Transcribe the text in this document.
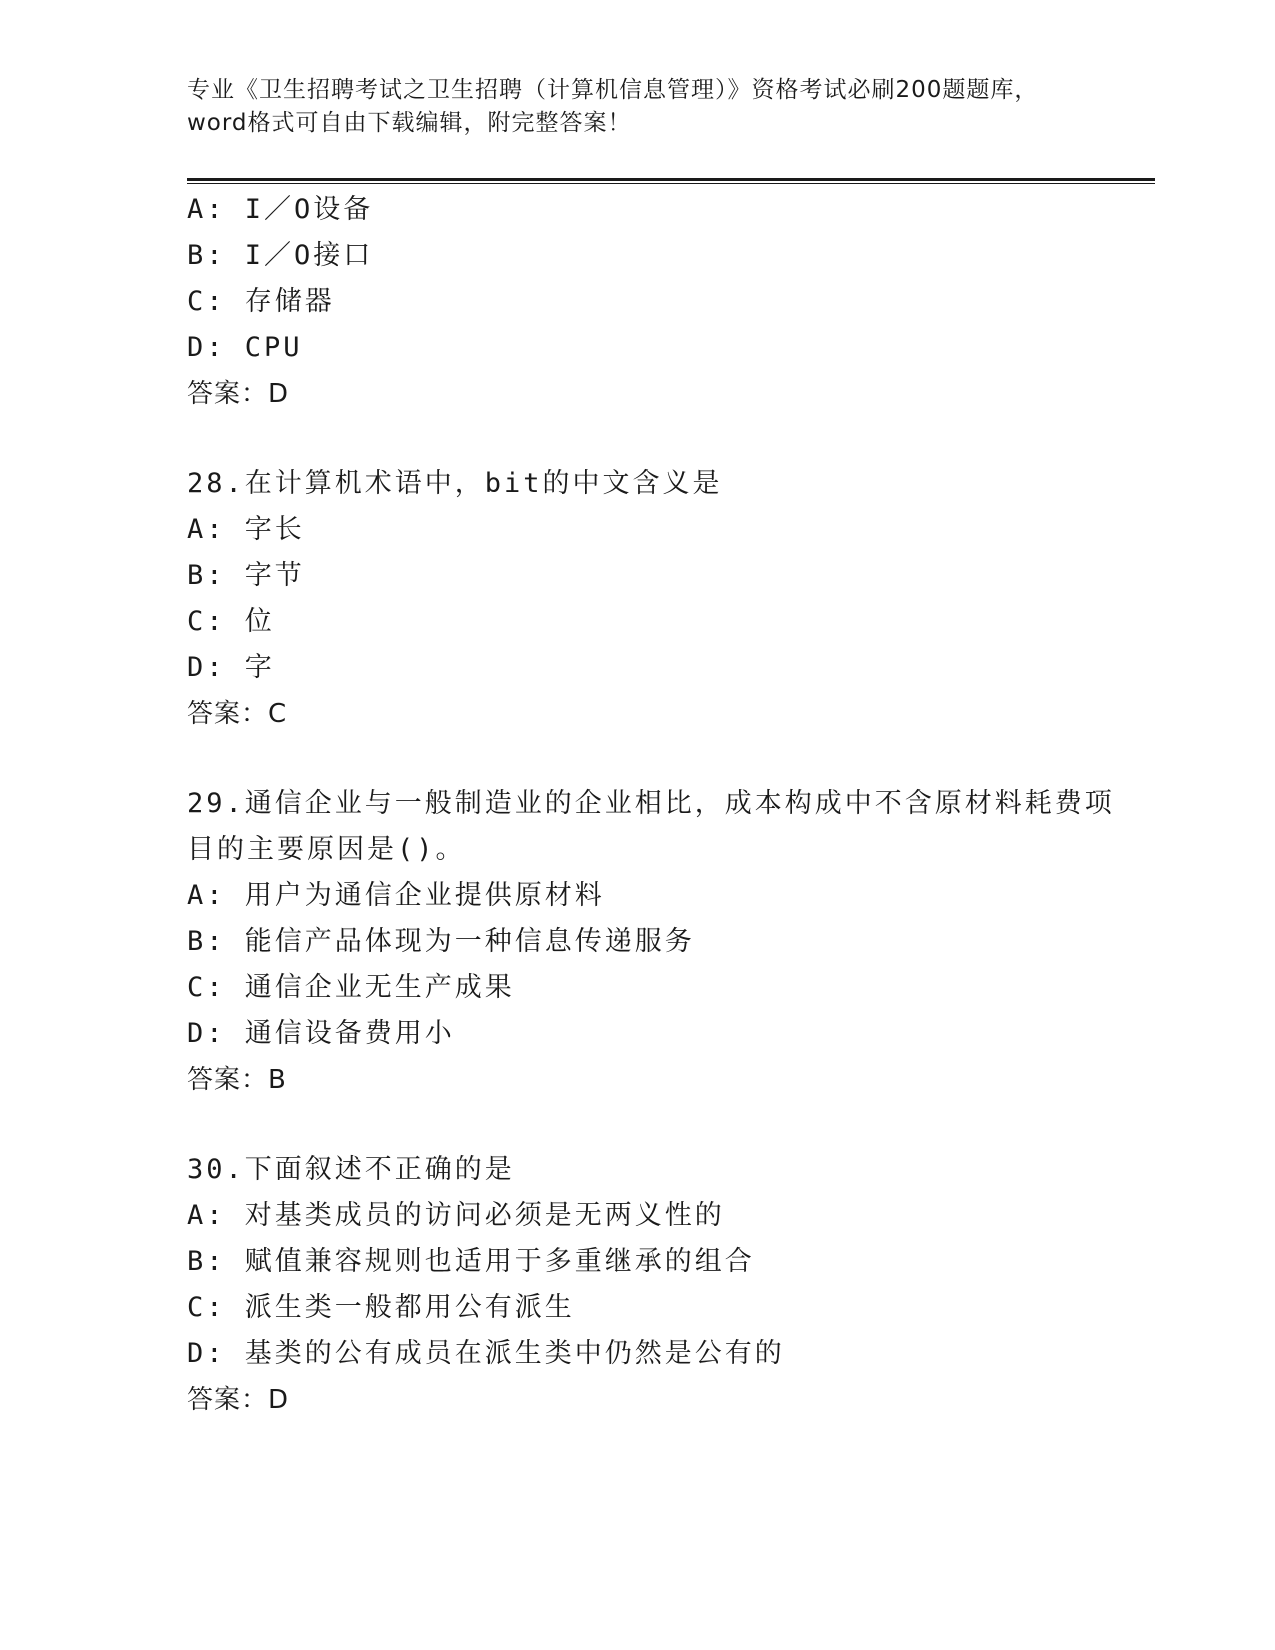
专业《卫生招聘考试之卫生招聘（计算机信息管理）》资格考试必刷200题题库，
word格式可自由下载编辑，附完整答案！
A: I／O设备
B: I／O接口
C: 存储器
D: CPU
答案：D
28.在计算机术语中，bit的中文含义是
A: 字长
B: 字节
C: 位
D: 字
答案：C
29.通信企业与一般制造业的企业相比，成本构成中不含原材料耗费项
目的主要原因是()。
A: 用户为通信企业提供原材料
B: 能信产品体现为一种信息传递服务
C: 通信企业无生产成果
D: 通信设备费用小
答案：B
30.下面叙述不正确的是
A: 对基类成员的访问必须是无两义性的
B: 赋值兼容规则也适用于多重继承的组合
C: 派生类一般都用公有派生
D: 基类的公有成员在派生类中仍然是公有的
答案：D
